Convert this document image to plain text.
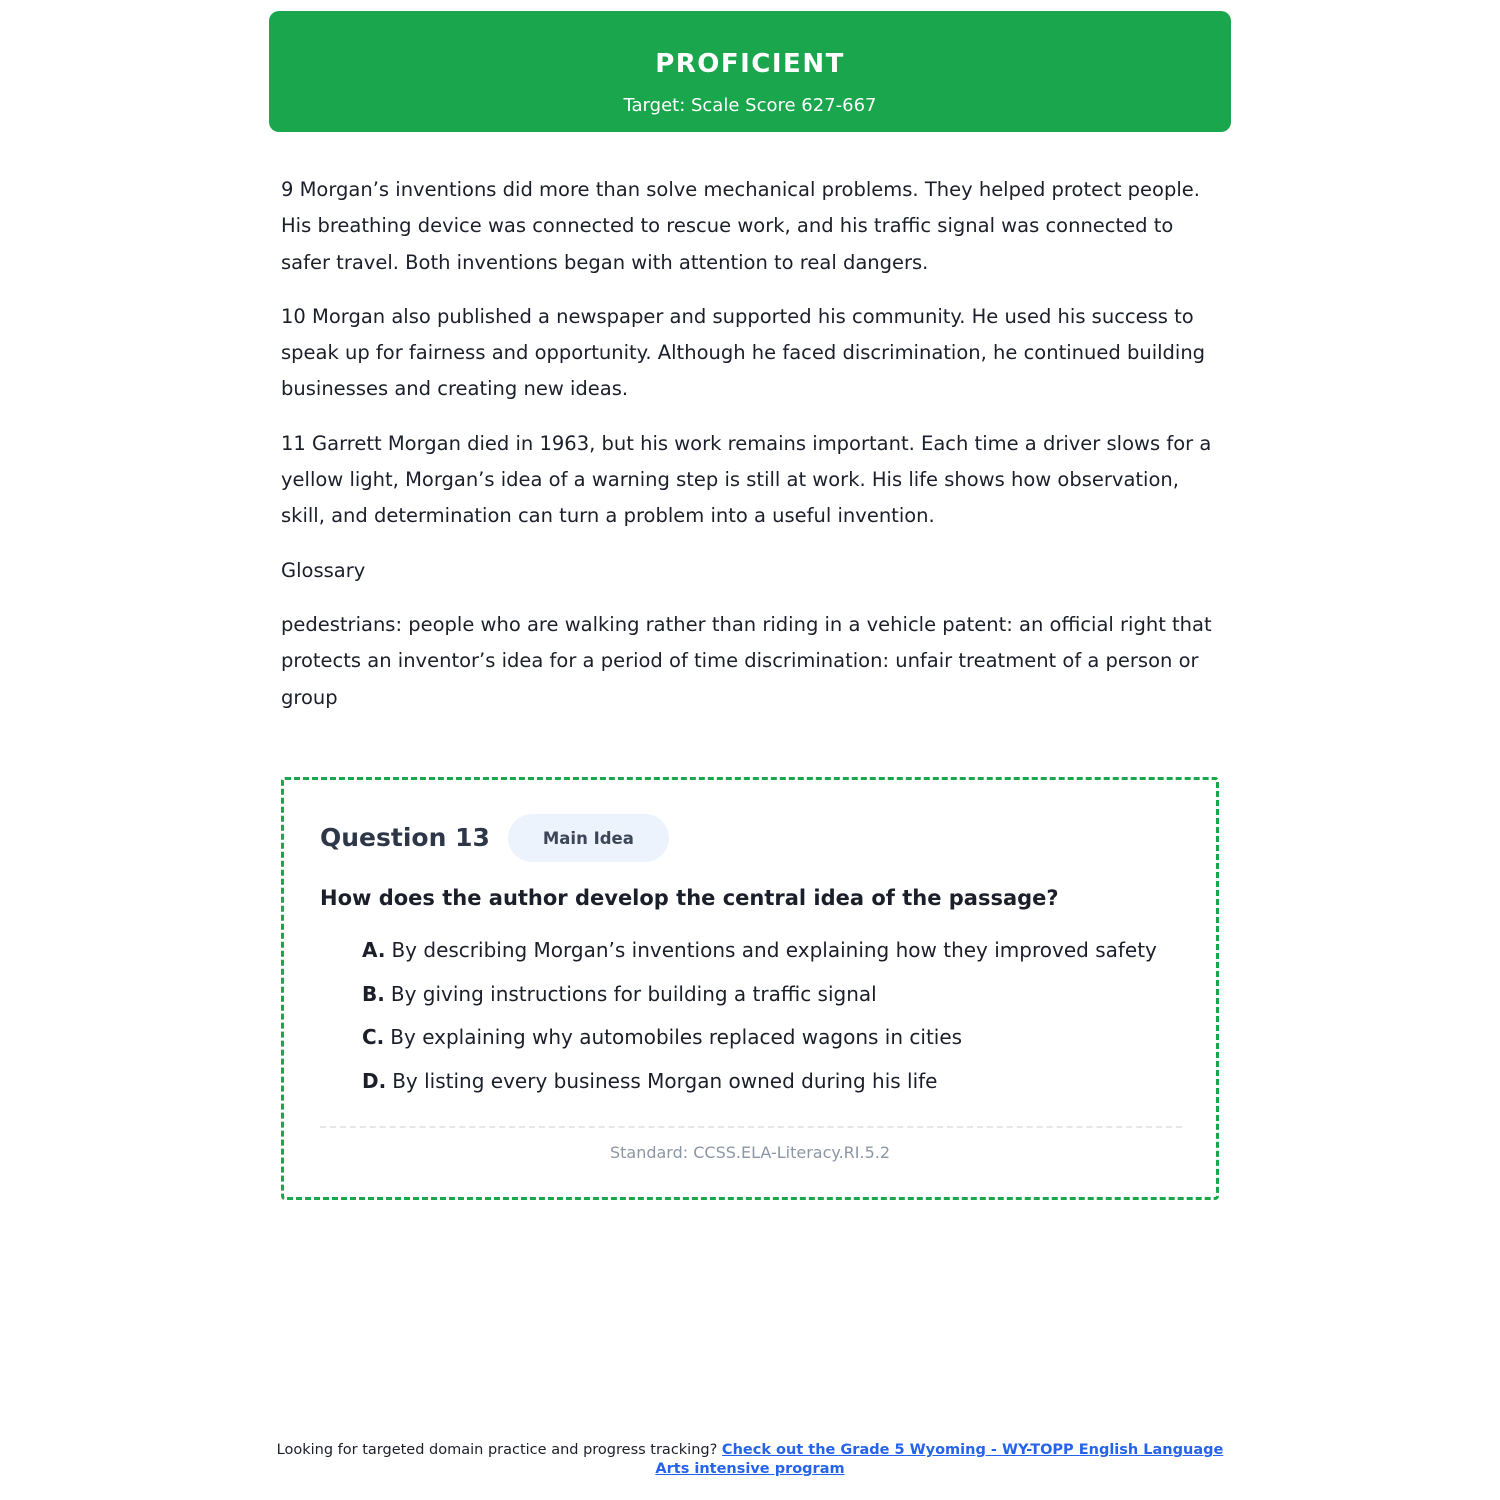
PROFICIENT
Target: Scale Score 627-667

9 Morgan’s inventions did more than solve mechanical problems. They helped protect people. His breathing device was connected to rescue work, and his traffic signal was connected to safer travel. Both inventions began with attention to real dangers.

10 Morgan also published a newspaper and supported his community. He used his success to speak up for fairness and opportunity. Although he faced discrimination, he continued building businesses and creating new ideas.

11 Garrett Morgan died in 1963, but his work remains important. Each time a driver slows for a yellow light, Morgan’s idea of a warning step is still at work. His life shows how observation, skill, and determination can turn a problem into a useful invention.

Glossary

pedestrians: people who are walking rather than riding in a vehicle patent: an official right that protects an inventor’s idea for a period of time discrimination: unfair treatment of a person or group

Question 13	Main Idea
How does the author develop the central idea of the passage?
A. By describing Morgan’s inventions and explaining how they improved safety
B. By giving instructions for building a traffic signal
C. By explaining why automobiles replaced wagons in cities
D. By listing every business Morgan owned during his life
Standard: CCSS.ELA-Literacy.RI.5.2
Looking for targeted domain practice and progress tracking? Check out the Grade 5 Wyoming - WY-TOPP English Language Arts intensive program
